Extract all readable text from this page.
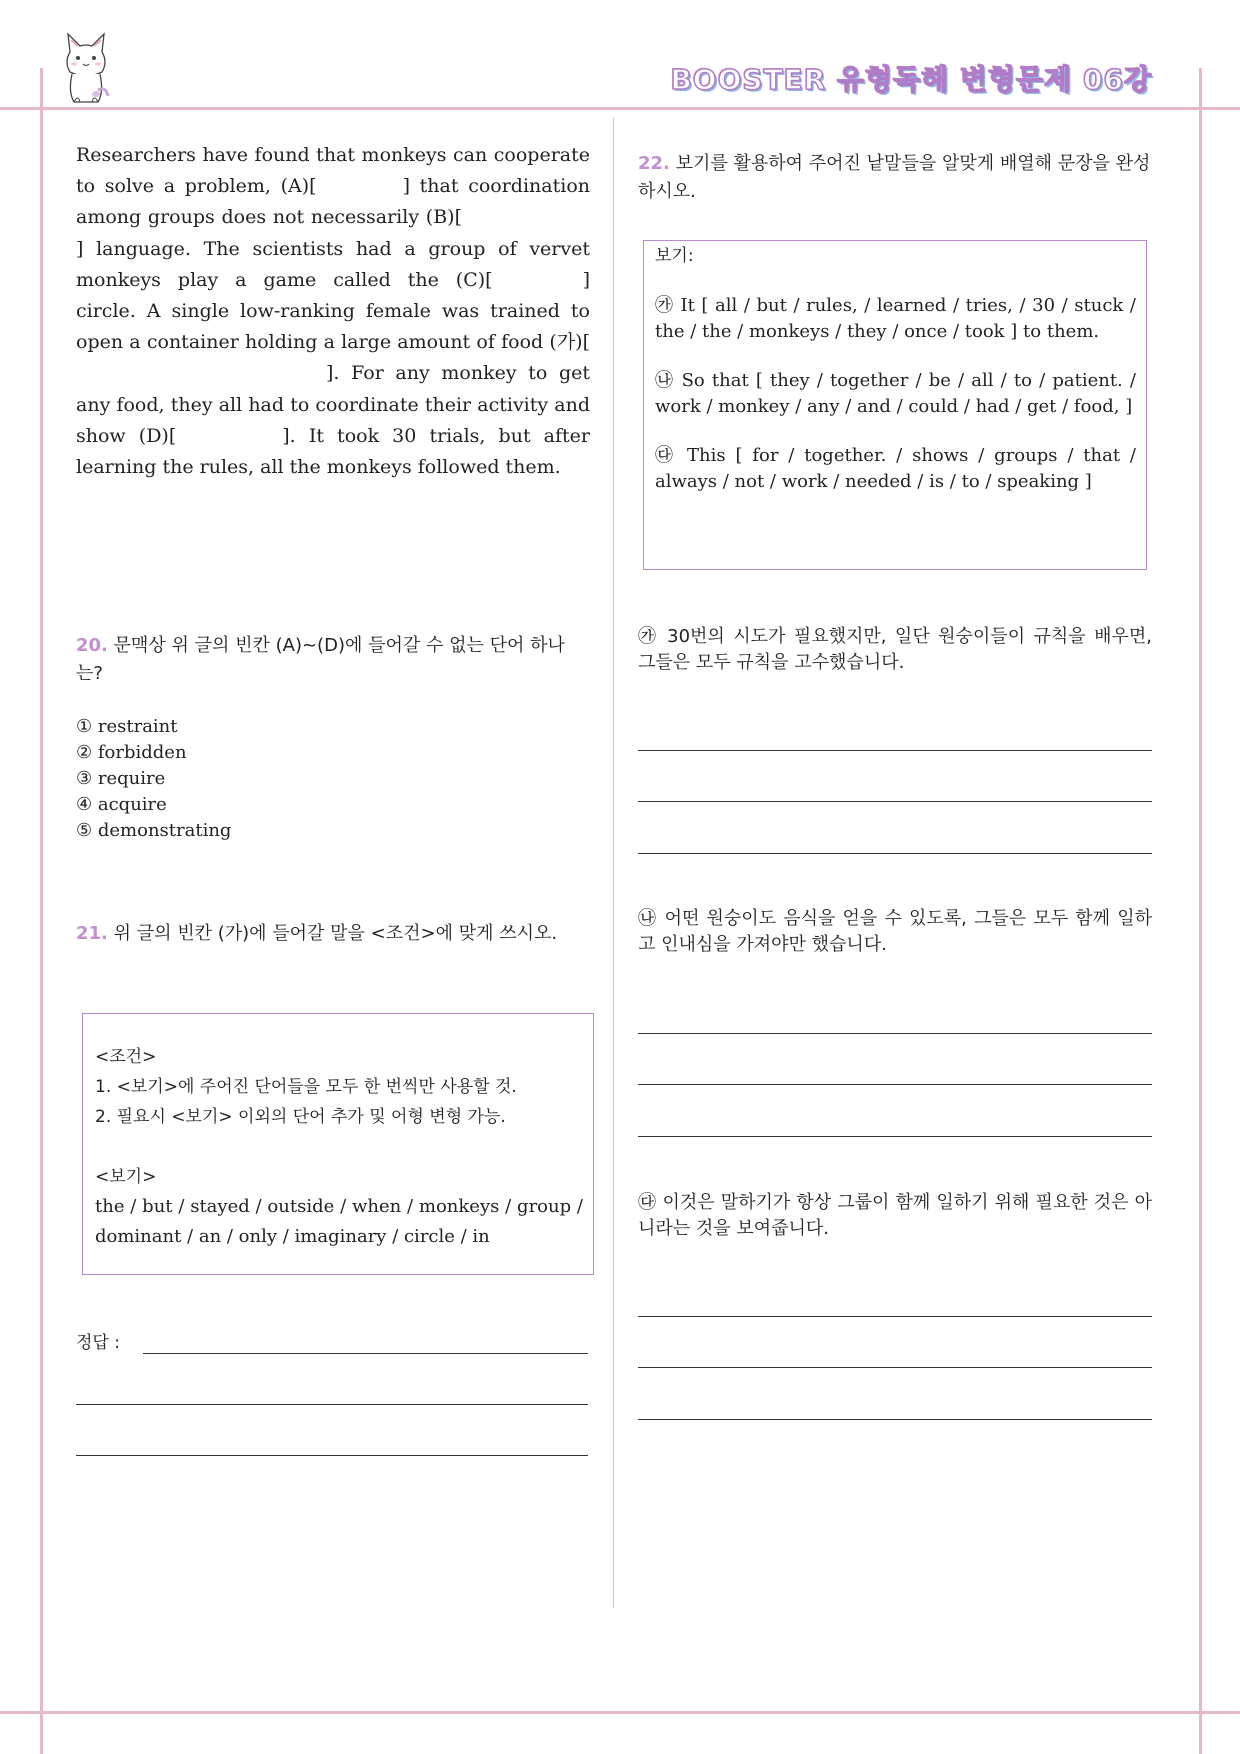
BOOSTER 유형독해 변형문제 06강
Researchers have found that monkeys can cooperate to solve a problem, (A)[	] that coordination among groups does not necessarily (B)[] language. The scientists had a group of vervet monkeys play a game called the (C)[	] circle. A single low-ranking female was trained to open a container holding a large amount of food (가)[]. For any monkey to get any food, they all had to coordinate their activity and show (D)[	]. It took 30 trials, but after learning the rules, all the monkeys followed them.
20. 문맥상 위 글의 빈칸 (A)~(D)에 들어갈 수 없는 단어 하나는?
① restraint
② forbidden
③ require
④ acquire
⑤ demonstrating
21. 위 글의 빈칸 (가)에 들어갈 말을 <조건>에 맞게 쓰시오.
<조건>
1. <보기>에 주어진 단어들을 모두 한 번씩만 사용할 것.
2. 필요시 <보기> 이외의 단어 추가 및 어형 변형 가능.
<보기>
the / but / stayed / outside / when / monkeys / group / dominant / an / only / imaginary / circle / in
정답 :
22. 보기를 활용하여 주어진 낱말들을 알맞게 배열해 문장을 완성하시오.
보기:
㉮ It [ all / but / rules, / learned / tries, / 30 / stuck / the / the / monkeys / they / once / took ] to them.
㉯ So that [ they / together / be / all / to / patient. / work / monkey / any / and / could / had / get / food, ]
㉰ This [ for / together. / shows / groups / that / always / not / work / needed / is / to / speaking ]
㉮ 30번의 시도가 필요했지만, 일단 원숭이들이 규칙을 배우면, 그들은 모두 규칙을 고수했습니다.
㉯ 어떤 원숭이도 음식을 얻을 수 있도록, 그들은 모두 함께 일하고 인내심을 가져야만 했습니다.
㉰ 이것은 말하기가 항상 그룹이 함께 일하기 위해 필요한 것은 아니라는 것을 보여줍니다.
